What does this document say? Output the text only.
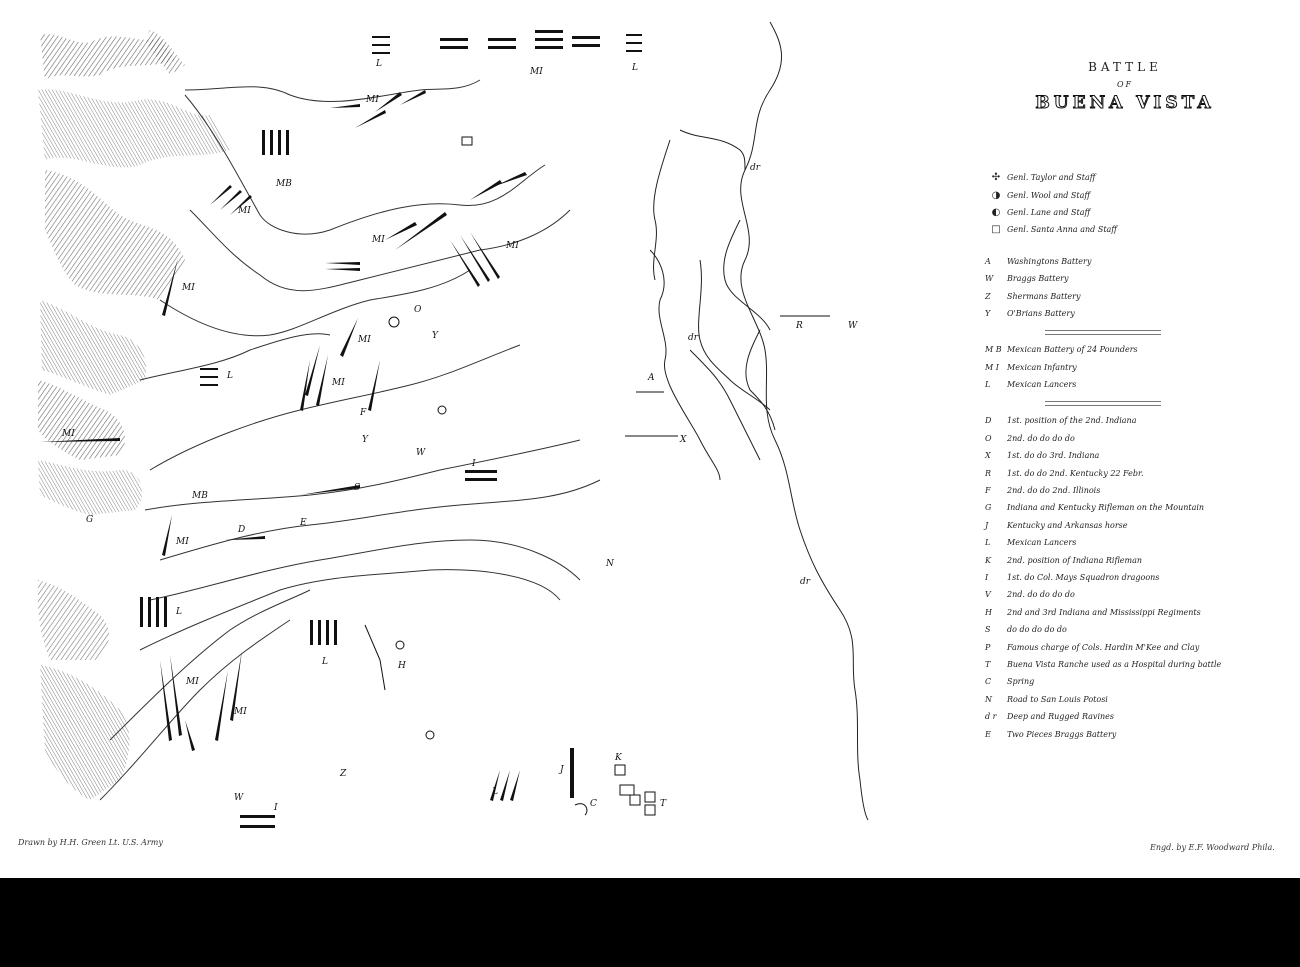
L
MI	L
MI
MB
MI
MI
MI
MI
O
Y
MI
MI
L
F
Y
MI
W
I
S
MB
G
D
E
MI
L
L	H
MI
MI
Z
W
I
L
J
C
K
T
N
A
X
R	W
dr
dr
dr
Drawn by H.H. Green Lt. U.S. Army
Engd. by E.F. Woodward Phila.
BATTLE
OF
BUENA VISTA
✣ Genl. Taylor and Staff
◑ Genl. Wool and Staff
◐ Genl. Lane and Staff
□ Genl. Santa Anna and Staff
A	Washingtons Battery
W	Braggs Battery
Z	Shermans Battery
Y	O'Brians Battery
M B Mexican Battery of 24 Pounders
M I	Mexican Infantry
L	Mexican Lancers
D	1st. position of the 2nd. Indiana
O	2nd. do do do do
X	1st. do do 3rd. Indiana
R	1st. do do 2nd. Kentucky 22 Febr.
F	2nd. do do 2nd. Illinois
G	Indiana and Kentucky Rifleman on the Mountain
J	Kentucky and Arkansas horse
L	Mexican Lancers
K	2nd. position of Indiana Rifleman
I	1st. do Col. Mays Squadron dragoons
V	2nd. do do do do
H	2nd and 3rd Indiana and Mississippi Regiments
S	do do do do do
P	Famous charge of Cols. Hardin M'Kee and Clay
T	Buena Vista Ranche used as a Hospital during battle
C	Spring
N	Road to San Louis Potosi
d r	Deep and Rugged Ravines
E	Two Pieces Braggs Battery
